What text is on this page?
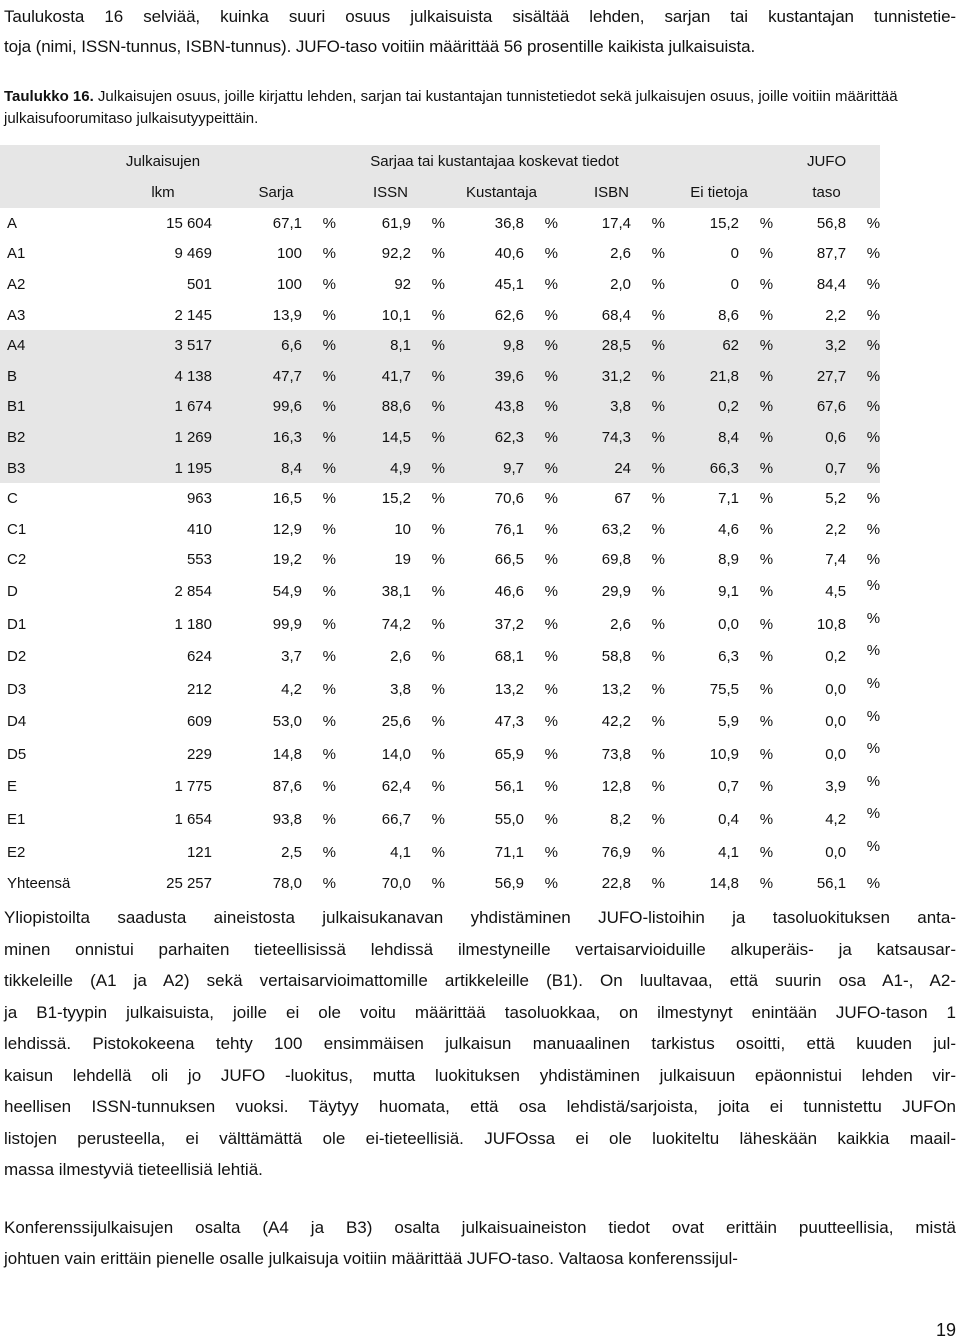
Taulukosta 16 selviää, kuinka suuri osuus julkaisuista sisältää lehden, sarjan tai kustantajan tunnistetie-
toja (nimi, ISSN-tunnus, ISBN-tunnus). JUFO-taso voitiin määrittää 56 prosentille kaikista julkaisuista.
Taulukko 16. Julkaisujen osuus, joille kirjattu lehden, sarjan tai kustantajan tunnistetiedot sekä julkaisujen osuus, joille voitiin määrittää julkaisufoorumitaso julkaisutyypeittäin.
	Julkaisujen	Sarjaa tai kustantajaa koskevat tiedot										JUFO	
	lkm	Sarja		ISSN		Kustantaja		ISBN		Ei tietoja		taso	
A	15 604	67,1	%	61,9	%	36,8	%	17,4	%	15,2	%	56,8	%
A1	9 469	100	%	92,2	%	40,6	%	2,6	%	0	%	87,7	%
A2	501	100	%	92	%	45,1	%	2,0	%	0	%	84,4	%
A3	2 145	13,9	%	10,1	%	62,6	%	68,4	%	8,6	%	2,2	%
A4	3 517	6,6	%	8,1	%	9,8	%	28,5	%	62	%	3,2	%
B	4 138	47,7	%	41,7	%	39,6	%	31,2	%	21,8	%	27,7	%
B1	1 674	99,6	%	88,6	%	43,8	%	3,8	%	0,2	%	67,6	%
B2	1 269	16,3	%	14,5	%	62,3	%	74,3	%	8,4	%	0,6	%
B3	1 195	8,4	%	4,9	%	9,7	%	24	%	66,3	%	0,7	%
C	963	16,5	%	15,2	%	70,6	%	67	%	7,1	%	5,2	%
C1	410	12,9	%	10	%	76,1	%	63,2	%	4,6	%	2,2	%
C2	553	19,2	%	19	%	66,5	%	69,8	%	8,9	%	7,4	%
D	2 854	54,9	%	38,1	%	46,6	%	29,9	%	9,1	%	4,5	%
D1	1 180	99,9	%	74,2	%	37,2	%	2,6	%	0,0	%	10,8	%
D2	624	3,7	%	2,6	%	68,1	%	58,8	%	6,3	%	0,2	%
D3	212	4,2	%	3,8	%	13,2	%	13,2	%	75,5	%	0,0	%
D4	609	53,0	%	25,6	%	47,3	%	42,2	%	5,9	%	0,0	%
D5	229	14,8	%	14,0	%	65,9	%	73,8	%	10,9	%	0,0	%
E	1 775	87,6	%	62,4	%	56,1	%	12,8	%	0,7	%	3,9	%
E1	1 654	93,8	%	66,7	%	55,0	%	8,2	%	0,4	%	4,2	%
E2	121	2,5	%	4,1	%	71,1	%	76,9	%	4,1	%	0,0	%
Yhteensä	25 257	78,0	%	70,0	%	56,9	%	22,8	%	14,8	%	56,1	%

Yliopistoilta saadusta aineistosta julkaisukanavan yhdistäminen JUFO-listoihin ja tasoluokituksen anta-
minen onnistui parhaiten tieteellisissä lehdissä ilmestyneille vertaisarvioiduille alkuperäis- ja katsausar-
tikkeleille (A1 ja A2) sekä vertaisarvioimattomille artikkeleille (B1). On luultavaa, että suurin osa A1-, A2-
ja B1-tyypin julkaisuista, joille ei ole voitu määrittää tasoluokkaa, on ilmestynyt enintään JUFO-tason 1
lehdissä. Pistokokeena tehty 100 ensimmäisen julkaisun manuaalinen tarkistus osoitti, että kuuden jul-
kaisun lehdellä oli jo JUFO -luokitus, mutta luokituksen yhdistäminen julkaisuun epäonnistui lehden vir-
heellisen ISSN-tunnuksen vuoksi. Täytyy huomata, että osa lehdistä/sarjoista, joita ei tunnistettu JUFOn
listojen perusteella, ei välttämättä ole ei-tieteellisiä. JUFOssa ei ole luokiteltu läheskään kaikkia maail-
massa ilmestyviä tieteellisiä lehtiä.

Konferenssijulkaisujen osalta (A4 ja B3) osalta julkaisuaineiston tiedot ovat erittäin puutteellisia, mistä
johtuen vain erittäin pienelle osalle julkaisuja voitiin määrittää JUFO-taso. Valtaosa konferenssijul-

19
